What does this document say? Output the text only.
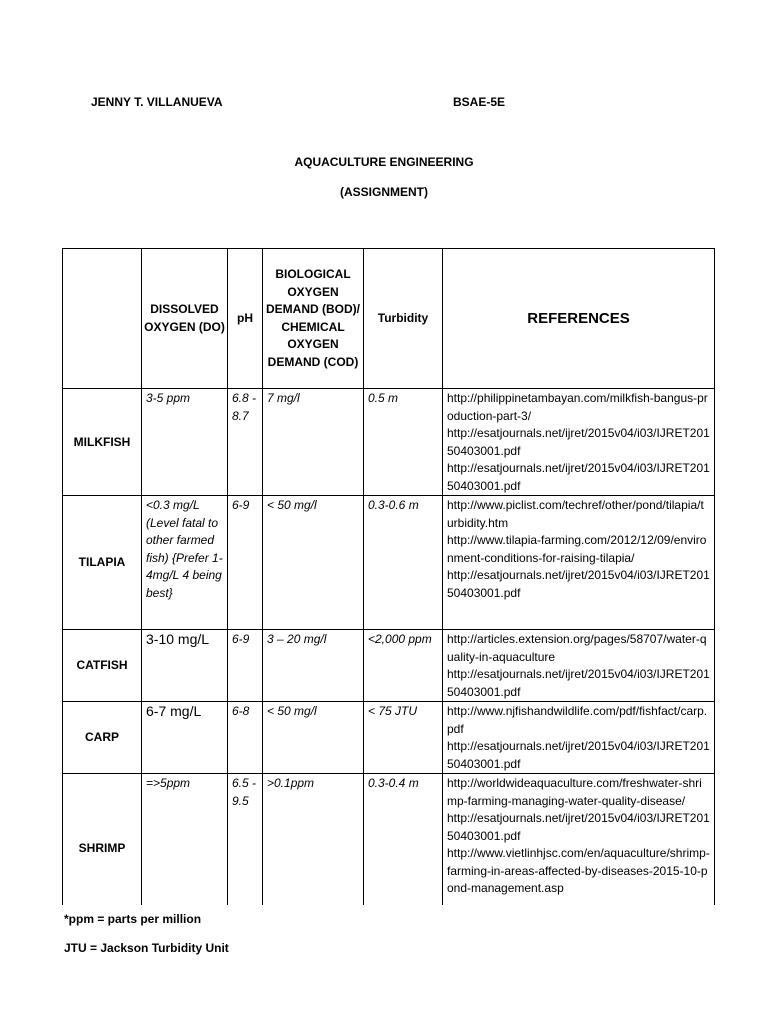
JENNY T. VILLANUEVA	BSAE-5E
AQUACULTURE ENGINEERING
(ASSIGNMENT)
	DISSOLVED OXYGEN (DO)	pH	BIOLOGICAL OXYGEN DEMAND (BOD)/ CHEMICAL OXYGEN DEMAND (COD)	Turbidity	REFERENCES
MILKFISH	3-5 ppm	6.8 - 8.7	7 mg/l	0.5 m	http://philippinetambayan.com/milkfish-bangus-production-part-3/
http://esatjournals.net/ijret/2015v04/i03/IJRET20150403001.pdf
http://esatjournals.net/ijret/2015v04/i03/IJRET20150403001.pdf

TILAPIA	<0.3 mg/L (Level fatal to other farmed fish) {Prefer 1-4mg/L 4 being best}	6-9	< 50 mg/l	0.3-0.6 m	http://www.piclist.com/techref/other/pond/tilapia/turbidity.htm
http://www.tilapia-farming.com/2012/12/09/environment-conditions-for-raising-tilapia/
http://esatjournals.net/ijret/2015v04/i03/IJRET20150403001.pdf

CATFISH	3-10 mg/L	6-9	3 – 20 mg/l	<2,000 ppm	http://articles.extension.org/pages/58707/water-quality-in-aquaculture
http://esatjournals.net/ijret/2015v04/i03/IJRET20150403001.pdf

CARP	6-7 mg/L	6-8	< 50 mg/l	< 75 JTU	http://www.njfishandwildlife.com/pdf/fishfact/carp.pdf
http://esatjournals.net/ijret/2015v04/i03/IJRET20150403001.pdf

SHRIMP	=>5ppm	6.5 - 9.5	>0.1ppm	0.3-0.4 m	http://worldwideaquaculture.com/freshwater-shrimp-farming-managing-water-quality-disease/
http://esatjournals.net/ijret/2015v04/i03/IJRET20150403001.pdf
http://www.vietlinhjsc.com/en/aquaculture/shrimp-farming-in-areas-affected-by-diseases-2015-10-pond-management.asp
*ppm = parts per million
JTU = Jackson Turbidity Unit
